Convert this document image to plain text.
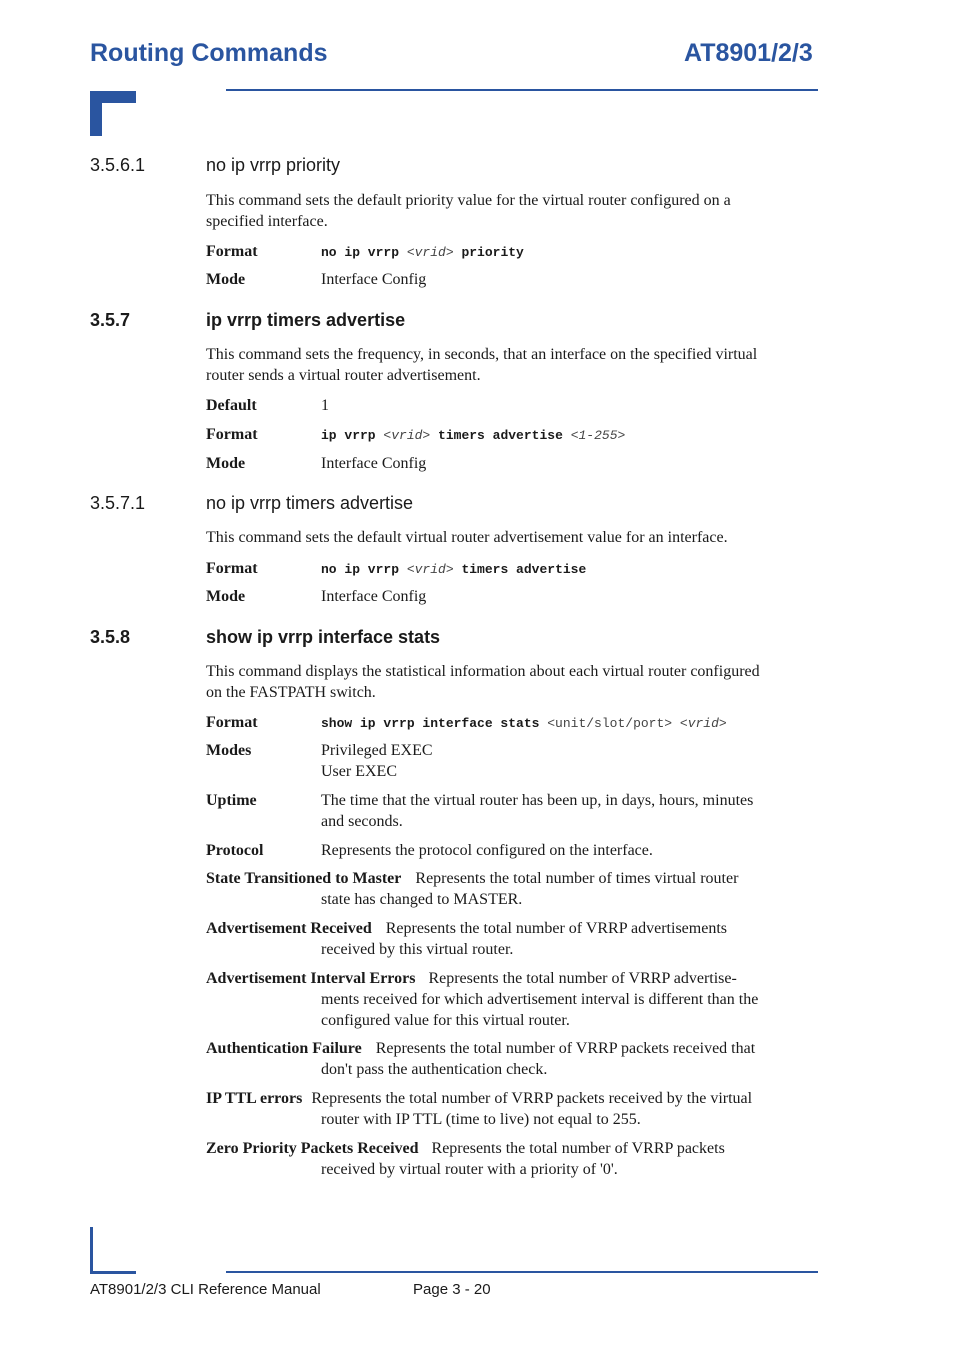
Routing Commands	AT8901/2/3
3.5.6.1	no ip vrrp priority
This command sets the default priority value for the virtual router configured on a
specified interface.
Format	no ip vrrp <vrid> priority
Mode	Interface Config
3.5.7	ip vrrp timers advertise
This command sets the frequency, in seconds, that an interface on the specified virtual
router sends a virtual router advertisement.
Default	1
Format	ip vrrp <vrid> timers advertise <1-255>
Mode	Interface Config
3.5.7.1	no ip vrrp timers advertise
This command sets the default virtual router advertisement value for an interface.
Format	no ip vrrp <vrid> timers advertise
Mode	Interface Config
3.5.8	show ip vrrp interface stats
This command displays the statistical information about each virtual router configured
on the FASTPATH switch.
Format	show ip vrrp interface stats <unit/slot/port> <vrid>
Modes	Privileged EXEC
User EXEC
Uptime	The time that the virtual router has been up, in days, hours, minutes
and seconds.
Protocol	Represents the protocol configured on the interface.
State Transitioned to Master Represents the total number of times virtual router
state has changed to MASTER.
Advertisement Received Represents the total number of VRRP advertisements
received by this virtual router.
Advertisement Interval Errors Represents the total number of VRRP advertise-
ments received for which advertisement interval is different than the
configured value for this virtual router.
Authentication Failure Represents the total number of VRRP packets received that
don't pass the authentication check.
IP TTL errors Represents the total number of VRRP packets received by the virtual
router with IP TTL (time to live) not equal to 255.
Zero Priority Packets Received Represents the total number of VRRP packets
received by virtual router with a priority of '0'.
AT8901/2/3 CLI Reference Manual	Page 3 - 20
